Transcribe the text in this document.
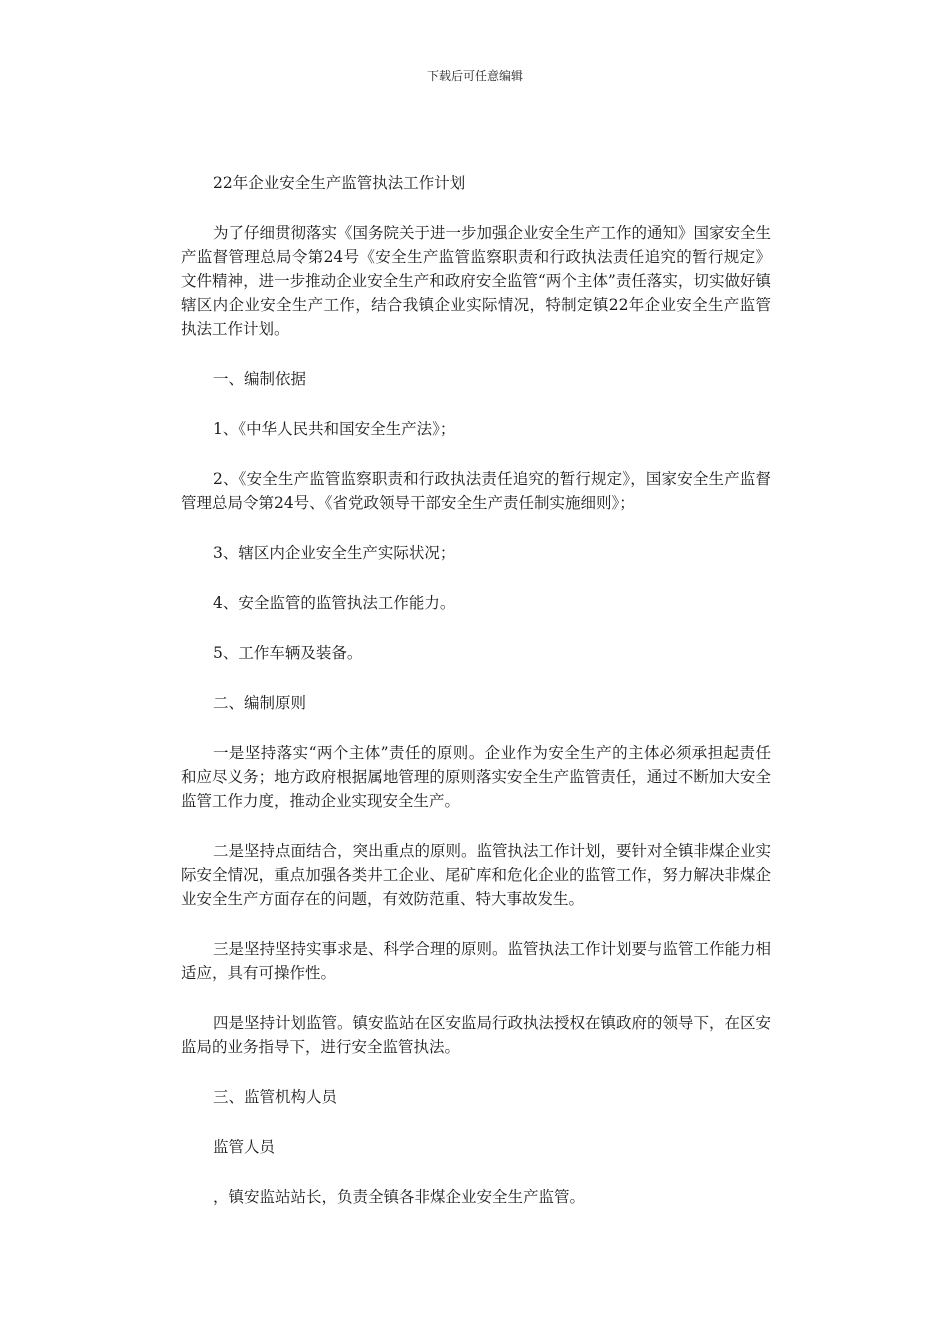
下载后可任意编辑

22年企业安全生产监管执法工作计划

为了仔细贯彻落实《国务院关于进一步加强企业安全生产工作的通知》国家安全生产监督管理总局令第24号《安全生产监管监察职责和行政执法责任追究的暂行规定》文件精神，进一步推动企业安全生产和政府安全监管“两个主体”责任落实，切实做好镇辖区内企业安全生产工作，结合我镇企业实际情况，特制定镇22年企业安全生产监管执法工作计划。

一、编制依据

1、《中华人民共和国安全生产法》；

2、《安全生产监管监察职责和行政执法责任追究的暂行规定》，国家安全生产监督管理总局令第24号、《省党政领导干部安全生产责任制实施细则》；

3、辖区内企业安全生产实际状况；

4、安全监管的监管执法工作能力。

5、工作车辆及装备。

二、编制原则

一是坚持落实“两个主体”责任的原则。企业作为安全生产的主体必须承担起责任和应尽义务；地方政府根据属地管理的原则落实安全生产监管责任，通过不断加大安全监管工作力度，推动企业实现安全生产。

二是坚持点面结合，突出重点的原则。监管执法工作计划，要针对全镇非煤企业实际安全情况，重点加强各类井工企业、尾矿库和危化企业的监管工作，努力解决非煤企业安全生产方面存在的问题，有效防范重、特大事故发生。

三是坚持坚持实事求是、科学合理的原则。监管执法工作计划要与监管工作能力相适应，具有可操作性。

四是坚持计划监管。镇安监站在区安监局行政执法授权在镇政府的领导下，在区安监局的业务指导下，进行安全监管执法。

三、监管机构人员

监管人员

，镇安监站站长，负责全镇各非煤企业安全生产监管。
